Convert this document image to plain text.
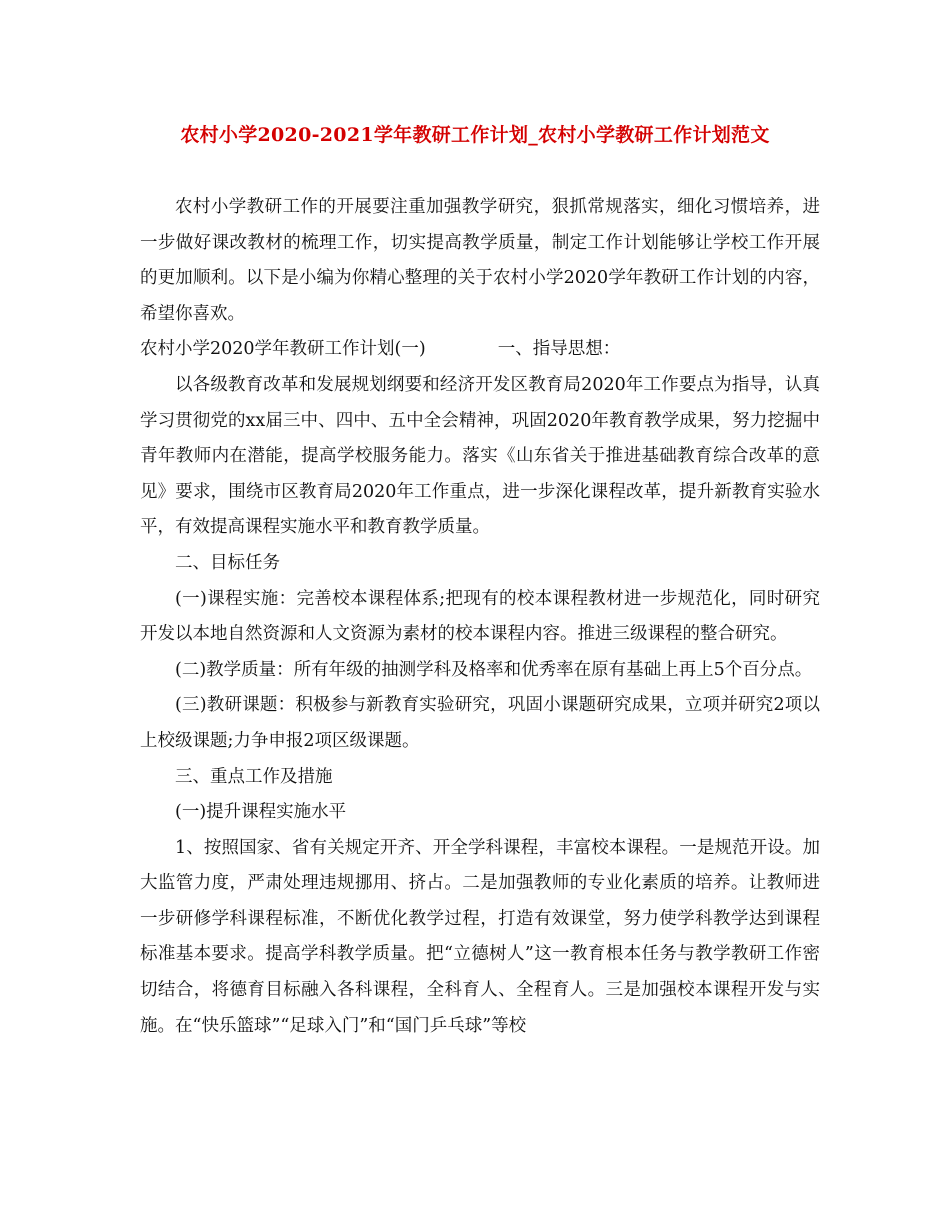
农村小学2020-2021学年教研工作计划_农村小学教研工作计划范文

农村小学教研工作的开展要注重加强教学研究，狠抓常规落实，细化习惯培养，进一步做好课改教材的梳理工作，切实提高教学质量，制定工作计划能够让学校工作开展的更加顺利。以下是小编为你精心整理的关于农村小学2020学年教研工作计划的内容，希望你喜欢。

农村小学2020学年教研工作计划(一)	一、指导思想：

以各级教育改革和发展规划纲要和经济开发区教育局2020年工作要点为指导，认真学习贯彻党的xx届三中、四中、五中全会精神，巩固2020年教育教学成果，努力挖掘中青年教师内在潜能，提高学校服务能力。落实《山东省关于推进基础教育综合改革的意见》要求，围绕市区教育局2020年工作重点，进一步深化课程改革，提升新教育实验水平，有效提高课程实施水平和教育教学质量。

二、目标任务

(一)课程实施：完善校本课程体系;把现有的校本课程教材进一步规范化，同时研究开发以本地自然资源和人文资源为素材的校本课程内容。推进三级课程的整合研究。

(二)教学质量：所有年级的抽测学科及格率和优秀率在原有基础上再上5个百分点。

(三)教研课题：积极参与新教育实验研究，巩固小课题研究成果，立项并研究2项以上校级课题;力争申报2项区级课题。

三、重点工作及措施

(一)提升课程实施水平

1、按照国家、省有关规定开齐、开全学科课程，丰富校本课程。一是规范开设。加大监管力度，严肃处理违规挪用、挤占。二是加强教师的专业化素质的培养。让教师进一步研修学科课程标准，不断优化教学过程，打造有效课堂，努力使学科教学达到课程标准基本要求。提高学科教学质量。把“立德树人”这一教育根本任务与教学教研工作密切结合，将德育目标融入各科课程，全科育人、全程育人。三是加强校本课程开发与实施。在“快乐篮球”“足球入门”和“国门乒乓球”等校
